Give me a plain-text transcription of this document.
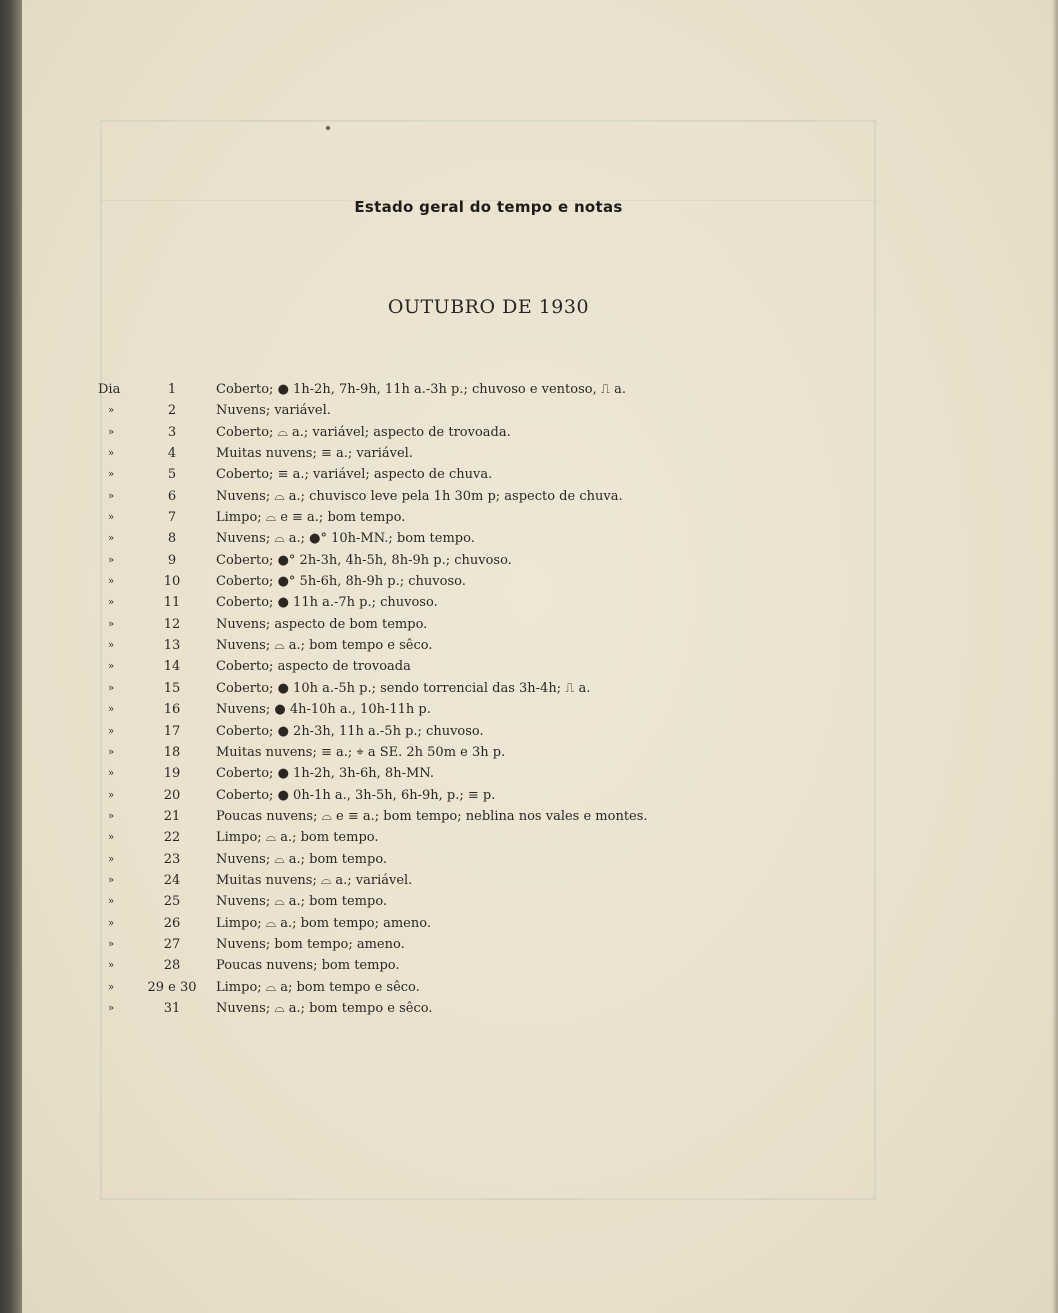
Estado geral do tempo e notas
OUTUBRO DE 1930
Dia	1	Coberto; ● 1h-2h, 7h-9h, 11h a.-3h p.; chuvoso e ventoso, ⎍ a.
»	2	Nuvens; variável.
»	3	Coberto; ⌓ a.; variável; aspecto de trovoada.
»	4	Muitas nuvens; ≡ a.; variável.
»	5	Coberto; ≡ a.; variável; aspecto de chuva.
»	6	Nuvens; ⌓ a.; chuvisco leve pela 1h 30m p; aspecto de chuva.
»	7	Limpo; ⌓ e ≡ a.; bom tempo.
»	8	Nuvens; ⌓ a.; ●° 10h-MN.; bom tempo.
»	9	Coberto; ●° 2h-3h, 4h-5h, 8h-9h p.; chuvoso.
»	10	Coberto; ●° 5h-6h, 8h-9h p.; chuvoso.
»	11	Coberto; ● 11h a.-7h p.; chuvoso.
»	12	Nuvens; aspecto de bom tempo.
»	13	Nuvens; ⌓ a.; bom tempo e sêco.
»	14	Coberto; aspecto de trovoada
»	15	Coberto; ● 10h a.-5h p.; sendo torrencial das 3h-4h; ⎍ a.
»	16	Nuvens; ● 4h-10h a., 10h-11h p.
»	17	Coberto; ● 2h-3h, 11h a.-5h p.; chuvoso.
»	18	Muitas nuvens; ≡ a.; ⌖ a SE. 2h 50m e 3h p.
»	19	Coberto; ● 1h-2h, 3h-6h, 8h-MN.
»	20	Coberto; ● 0h-1h a., 3h-5h, 6h-9h, p.; ≡ p.
»	21	Poucas nuvens; ⌓ e ≡ a.; bom tempo; neblina nos vales e montes.
»	22	Limpo; ⌓ a.; bom tempo.
»	23	Nuvens; ⌓ a.; bom tempo.
»	24	Muitas nuvens; ⌓ a.; variável.
»	25	Nuvens; ⌓ a.; bom tempo.
»	26	Limpo; ⌓ a.; bom tempo; ameno.
»	27	Nuvens; bom tempo; ameno.
»	28	Poucas nuvens; bom tempo.
»	29 e 30	Limpo; ⌓ a; bom tempo e sêco.
»	31	Nuvens; ⌓ a.; bom tempo e sêco.
